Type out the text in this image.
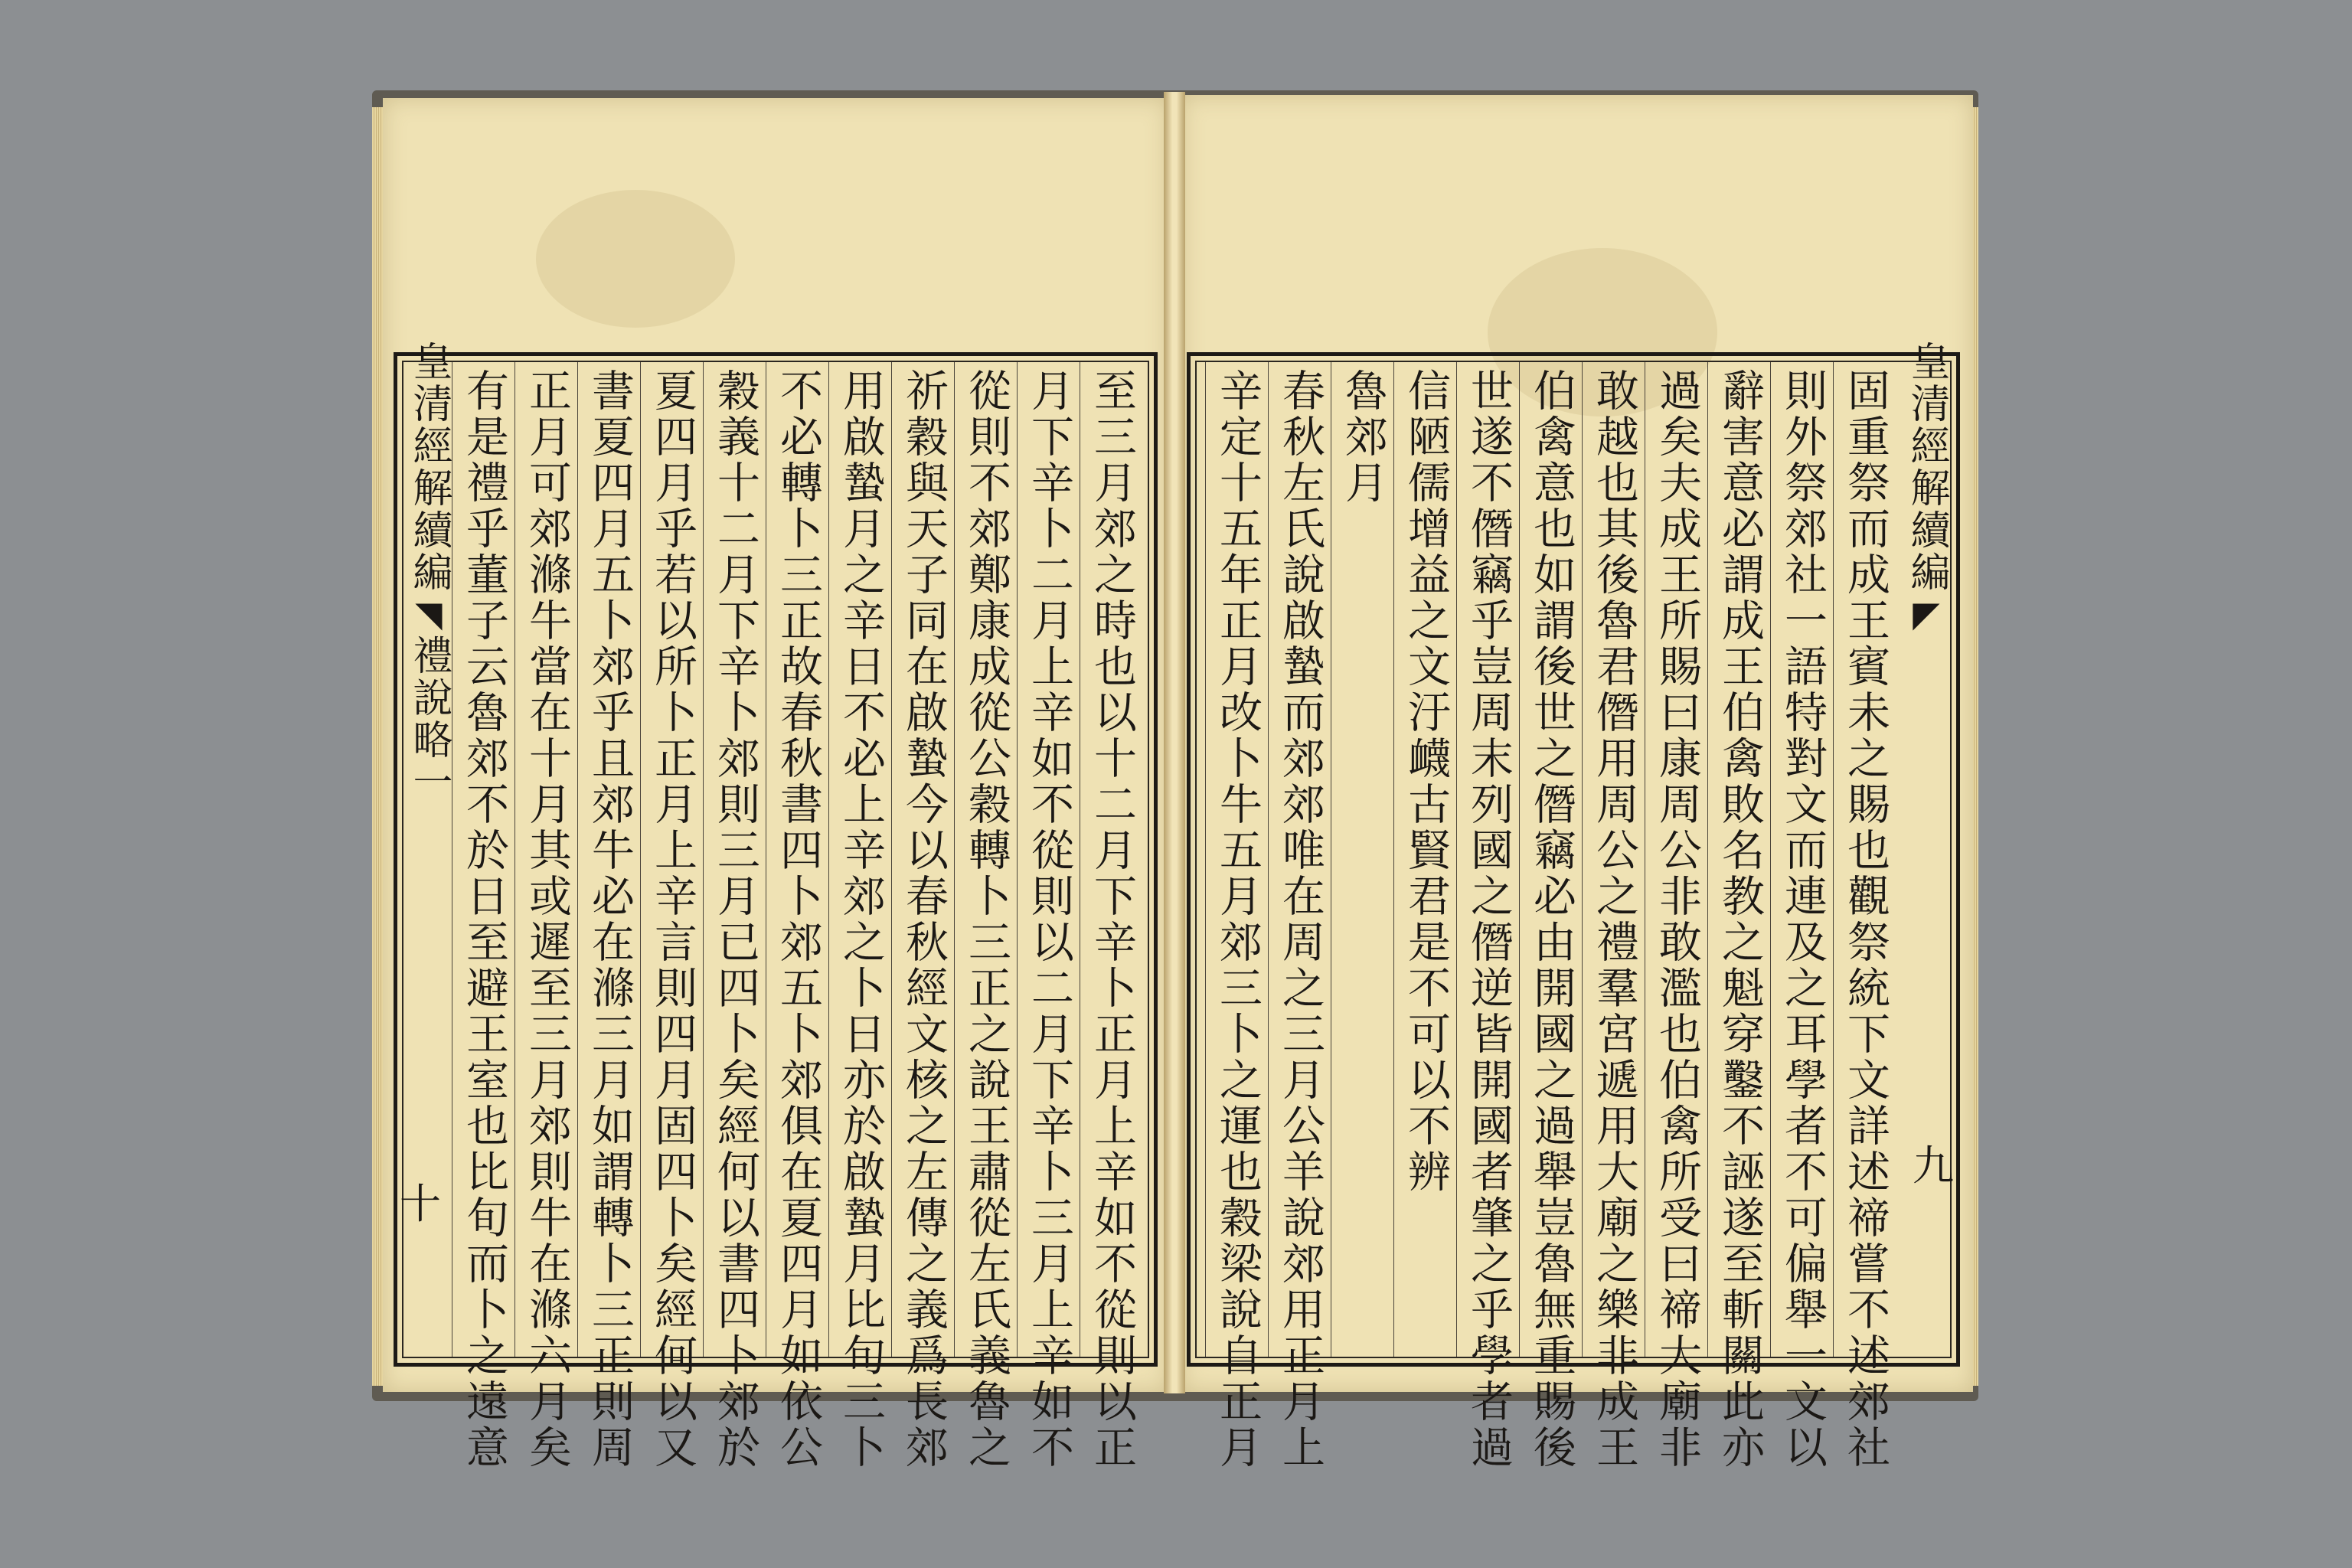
至三月郊之時也以十二月下辛卜正月上辛如不從則以正
月下辛卜二月上辛如不從則以二月下辛卜三月上辛如不
從則不郊鄭康成從公穀轉卜三正之說王肅從左氏義魯之
祈穀與天子同在啟蟄今以春秋經文核之左傳之義爲長郊
用啟蟄月之辛日不必上辛郊之卜日亦於啟蟄月比旬三卜
不必轉卜三正故春秋書四卜郊五卜郊俱在夏四月如依公
穀義十二月下辛卜郊則三月已四卜矣經何以書四卜郊於
夏四月乎若以所卜正月上辛言則四月固四卜矣經何以又
書夏四月五卜郊乎且郊牛必在滌三月如謂轉卜三正則周
正月可郊滌牛當在十月其或遲至三月郊則牛在滌六月矣
有是禮乎董子云魯郊不於日至避王室也比旬而卜之遠意
皇清經解續編
◥
禮說略一
十
皇清經解續編
◤
固重祭而成王賓未之賜也觀祭統下文詳述禘嘗不述郊社
則外祭郊社一語特對文而連及之耳學者不可偏舉一文以
辭害意必謂成王伯禽敗名教之魁穿鑿不誣遂至斬關此亦
過矣夫成王所賜曰康周公非敢濫也伯禽所受曰禘大廟非
敢越也其後魯君僭用周公之禮羣宮遞用大廟之樂非成王
伯禽意也如謂後世之僭竊必由開國之過舉豈魯無重賜後
世遂不僭竊乎豈周末列國之僭逆皆開國者肇之乎學者過
信陋儒增益之文汙衊古賢君是不可以不辨
魯郊月
春秋左氏說啟蟄而郊郊唯在周之三月公羊說郊用正月上
辛定十五年正月改卜牛五月郊三卜之運也穀梁說自正月	九
